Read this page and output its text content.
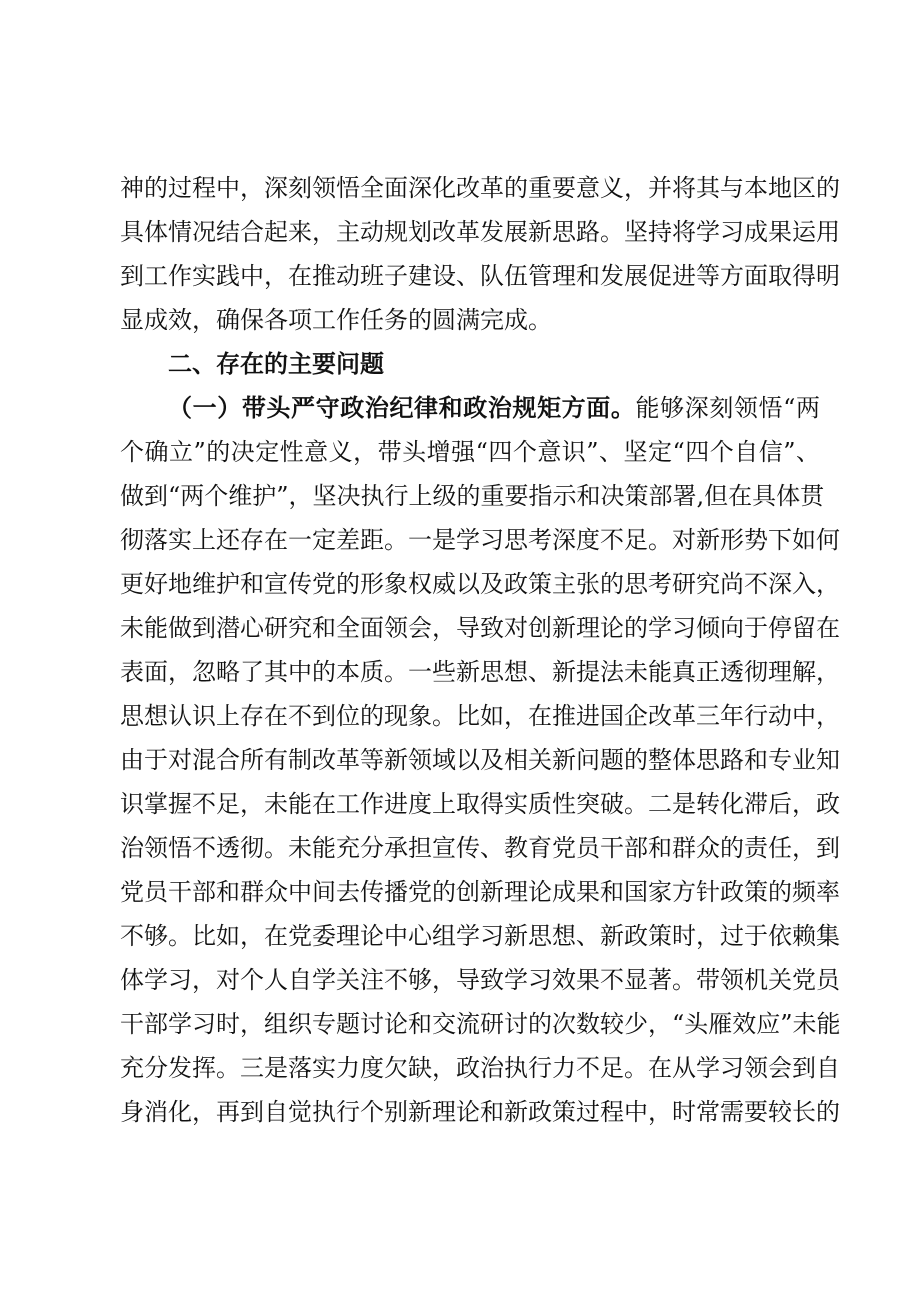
神的过程中，深刻领悟全面深化改革的重要意义，并将其与本地区的
具体情况结合起来，主动规划改革发展新思路。坚持将学习成果运用
到工作实践中，在推动班子建设、队伍管理和发展促进等方面取得明
显成效，确保各项工作任务的圆满完成。
二、存在的主要问题
（一）带头严守政治纪律和政治规矩方面。能够深刻领悟“两
个确立”的决定性意义，带头增强“四个意识”、坚定“四个自信”、
做到“两个维护”，坚决执行上级的重要指示和决策部署,但在具体贯
彻落实上还存在一定差距。一是学习思考深度不足。对新形势下如何
更好地维护和宣传党的形象权威以及政策主张的思考研究尚不深入，
未能做到潜心研究和全面领会，导致对创新理论的学习倾向于停留在
表面，忽略了其中的本质。一些新思想、新提法未能真正透彻理解，
思想认识上存在不到位的现象。比如，在推进国企改革三年行动中，
由于对混合所有制改革等新领域以及相关新问题的整体思路和专业知
识掌握不足，未能在工作进度上取得实质性突破。二是转化滞后，政
治领悟不透彻。未能充分承担宣传、教育党员干部和群众的责任，到
党员干部和群众中间去传播党的创新理论成果和国家方针政策的频率
不够。比如，在党委理论中心组学习新思想、新政策时，过于依赖集
体学习，对个人自学关注不够，导致学习效果不显著。带领机关党员
干部学习时，组织专题讨论和交流研讨的次数较少，“头雁效应”未能
充分发挥。三是落实力度欠缺，政治执行力不足。在从学习领会到自
身消化，再到自觉执行个别新理论和新政策过程中，时常需要较长的
